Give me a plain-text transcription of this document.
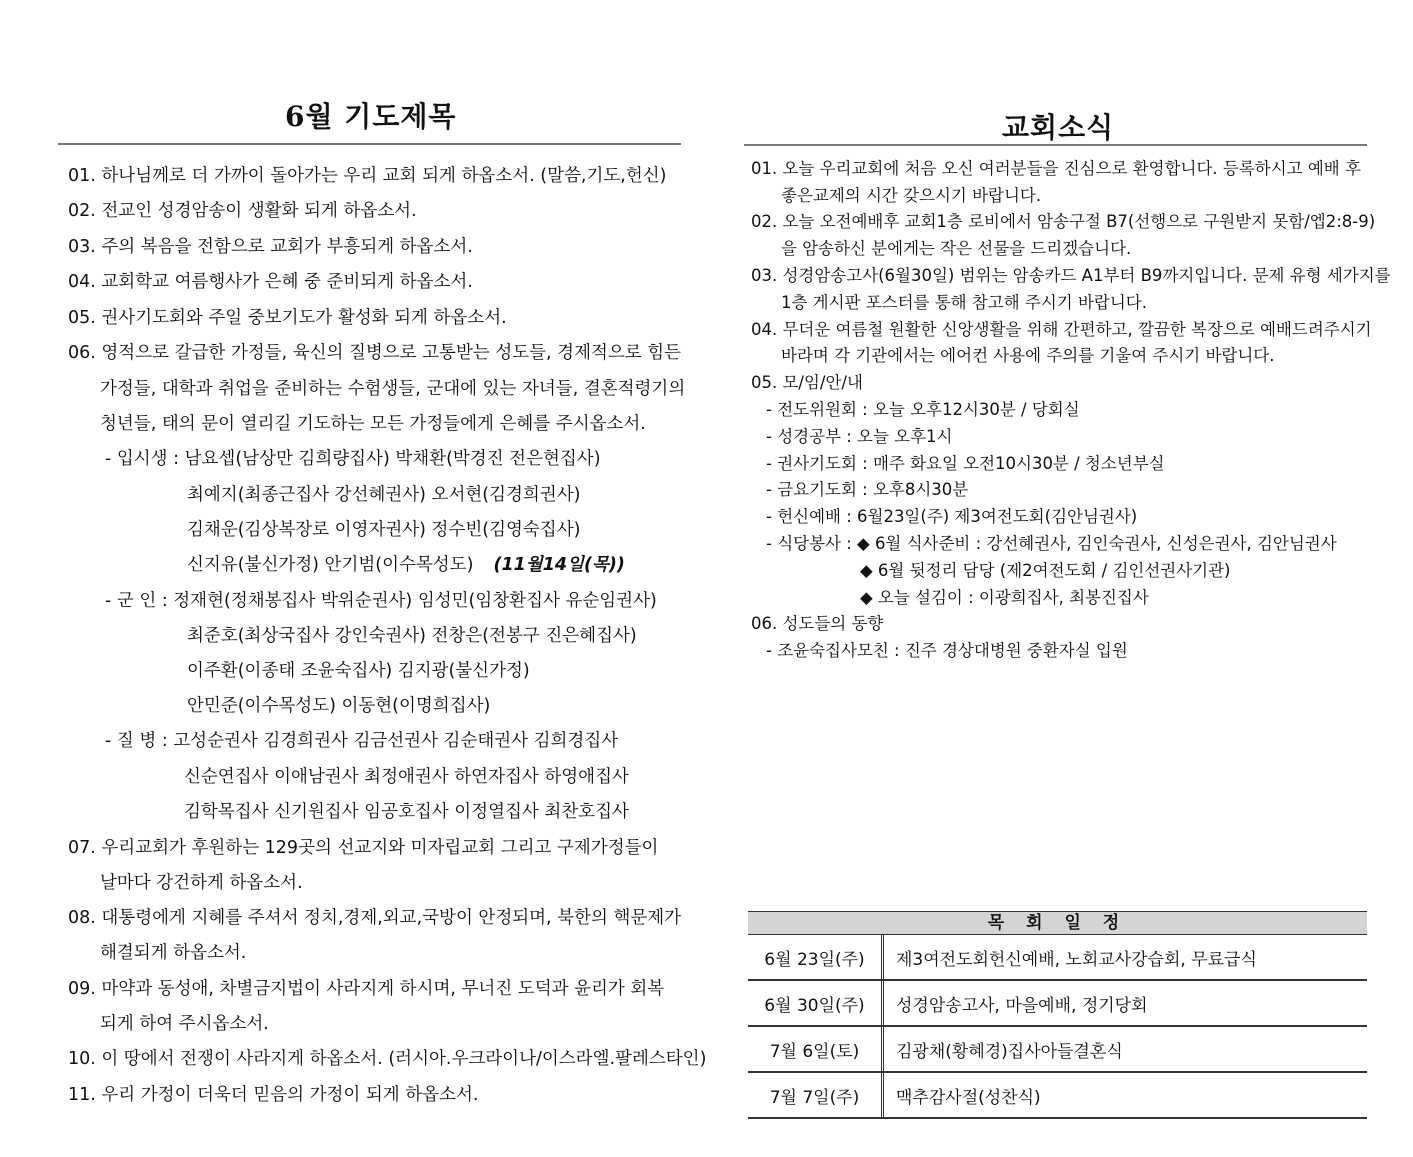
6월 기도제목
01. 하나님께로 더 가까이 돌아가는 우리 교회 되게 하옵소서. (말씀,기도,헌신)
02. 전교인 성경암송이 생활화 되게 하옵소서.
03. 주의 복음을 전함으로 교회가 부흥되게 하옵소서.
04. 교회학교 여름행사가 은혜 중 준비되게 하옵소서.
05. 권사기도회와 주일 중보기도가 활성화 되게 하옵소서.
06. 영적으로 갈급한 가정들, 육신의 질병으로 고통받는 성도들, 경제적으로 힘든
가정들, 대학과 취업을 준비하는 수험생들, 군대에 있는 자녀들, 결혼적령기의
청년들, 태의 문이 열리길 기도하는 모든 가정들에게 은혜를 주시옵소서.
- 입시생 : 남요셉(남상만 김희량집사) 박채환(박경진 전은현집사)
최예지(최종근집사 강선혜권사) 오서현(김경희권사)
김채운(김상복장로 이영자권사) 정수빈(김영숙집사)
신지유(불신가정) 안기범(이수목성도) (11월14일(목))
- 군 인 : 정재현(정채봉집사 박위순권사) 임성민(임창환집사 유순임권사)
최준호(최상국집사 강인숙권사) 전창은(전봉구 진은혜집사)
이주환(이종태 조윤숙집사) 김지광(불신가정)
안민준(이수목성도) 이동현(이명희집사)
- 질 병 : 고성순권사 김경희권사 김금선권사 김순태권사 김희경집사
신순연집사 이애남권사 최정애권사 하연자집사 하영애집사
김학목집사 신기원집사 임공호집사 이정열집사 최찬호집사
07. 우리교회가 후원하는 129곳의 선교지와 미자립교회 그리고 구제가정들이
날마다 강건하게 하옵소서.
08. 대통령에게 지혜를 주셔서 정치,경제,외교,국방이 안정되며, 북한의 핵문제가
해결되게 하옵소서.
09. 마약과 동성애, 차별금지법이 사라지게 하시며, 무너진 도덕과 윤리가 회복
되게 하여 주시옵소서.
10. 이 땅에서 전쟁이 사라지게 하옵소서. (러시아.우크라이나/이스라엘.팔레스타인)
11. 우리 가정이 더욱더 믿음의 가정이 되게 하옵소서.
교회소식
01. 오늘 우리교회에 처음 오신 여러분들을 진심으로 환영합니다. 등록하시고 예배 후
좋은교제의 시간 갖으시기 바랍니다.
02. 오늘 오전예배후 교회1층 로비에서 암송구절 B7(선행으로 구원받지 못함/엡2:8-9)
을 암송하신 분에게는 작은 선물을 드리겠습니다.
03. 성경암송고사(6월30일) 범위는 암송카드 A1부터 B9까지입니다. 문제 유형 세가지를
1층 게시판 포스터를 통해 참고해 주시기 바랍니다.
04. 무더운 여름철 원활한 신앙생활을 위해 간편하고, 깔끔한 복장으로 예배드려주시기
바라며 각 기관에서는 에어컨 사용에 주의를 기울여 주시기 바랍니다.
05. 모/임/안/내
- 전도위원회 : 오늘 오후12시30분 / 당회실
- 성경공부 : 오늘 오후1시
- 권사기도회 : 매주 화요일 오전10시30분 / 청소년부실
- 금요기도회 : 오후8시30분
- 헌신예배 : 6월23일(주) 제3여전도회(김안님권사)
- 식당봉사 : ◆ 6월 식사준비 : 강선혜권사, 김인숙권사, 신성은권사, 김안님권사
◆ 6월 뒷정리 담당 (제2여전도회 / 김인선권사기관)
◆ 오늘 설김이 : 이광희집사, 최봉진집사
06. 성도들의 동향
- 조윤숙집사모친 : 진주 경상대병원 중환자실 입원
목 회 일 정
6월 23일(주)	제3여전도회헌신예배, 노회교사강습회, 무료급식
6월 30일(주)	성경암송고사, 마을예배, 정기당회
7월 6일(토)	김광채(황혜경)집사아들결혼식
7월 7일(주)	맥추감사절(성찬식)
